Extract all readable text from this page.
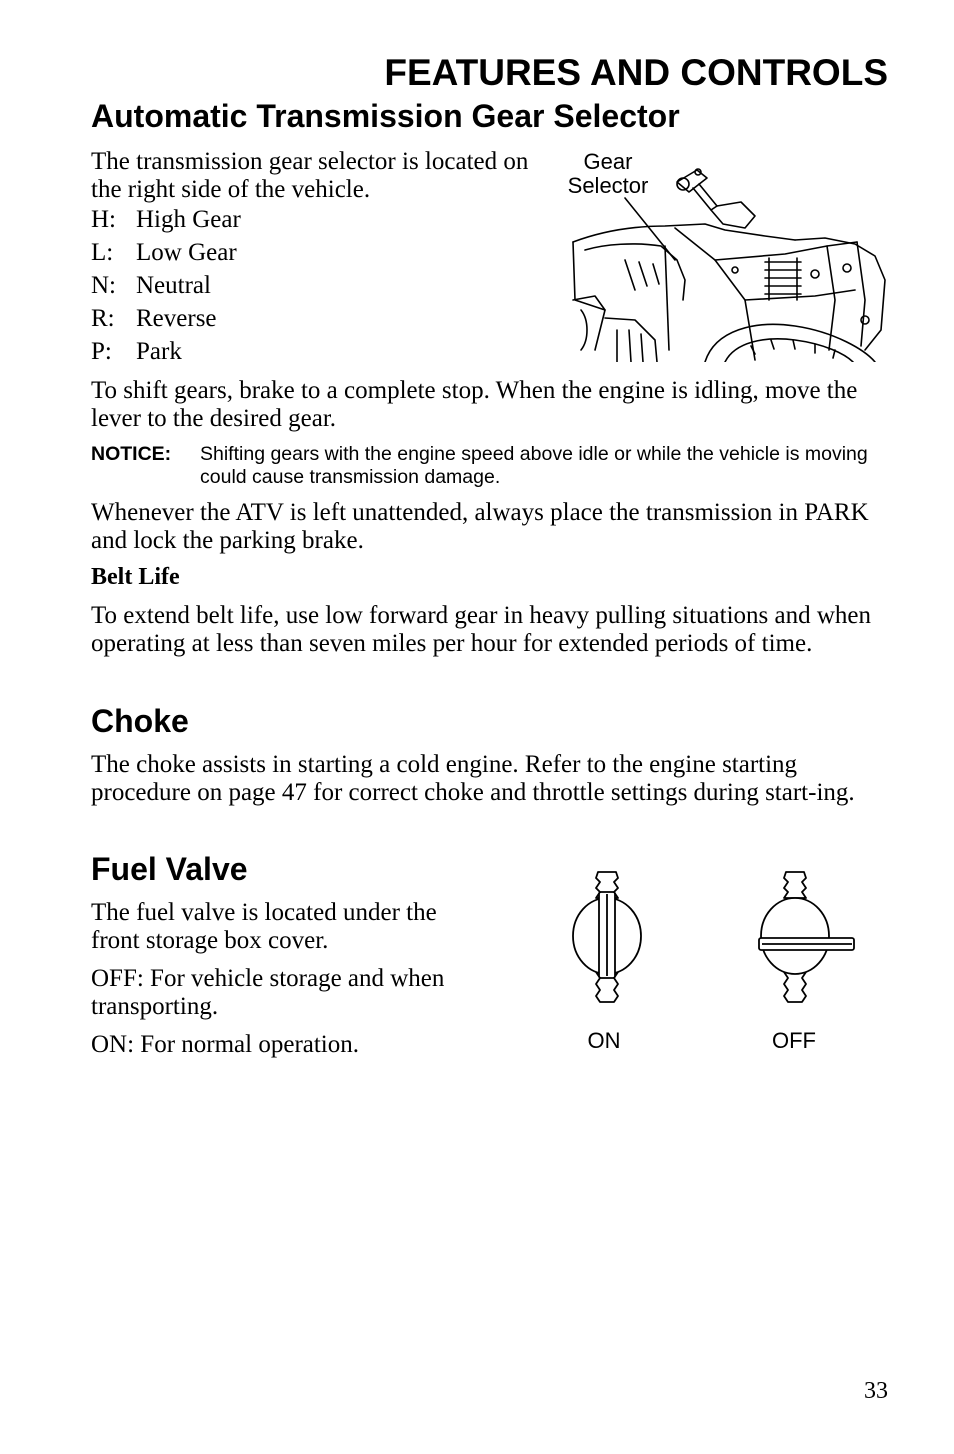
FEATURES AND CONTROLS
Automatic Transmission Gear Selector
The transmission gear selector is located on the right side of the vehicle.
H: High Gear
L: Low Gear
N: Neutral
R: Reverse
P: Park
Gear
Selector
To shift gears, brake to a complete stop. When the engine is idling, move the lever to the desired gear.
NOTICE: Shifting gears with the engine speed above idle or while the vehicle is moving could cause transmission damage.
Whenever the ATV is left unattended, always place the transmission in PARK and lock the parking brake.
Belt Life
To extend belt life, use low forward gear in heavy pulling situations and when operating at less than seven miles per hour for extended periods of time.
Choke
The choke assists in starting a cold engine. Refer to the engine starting procedure on page 47 for correct choke and throttle settings during start-ing.
Fuel Valve
The fuel valve is located under the front storage box cover.
OFF: For vehicle storage and when transporting.
ON: For normal operation.	ON	OFF
33
